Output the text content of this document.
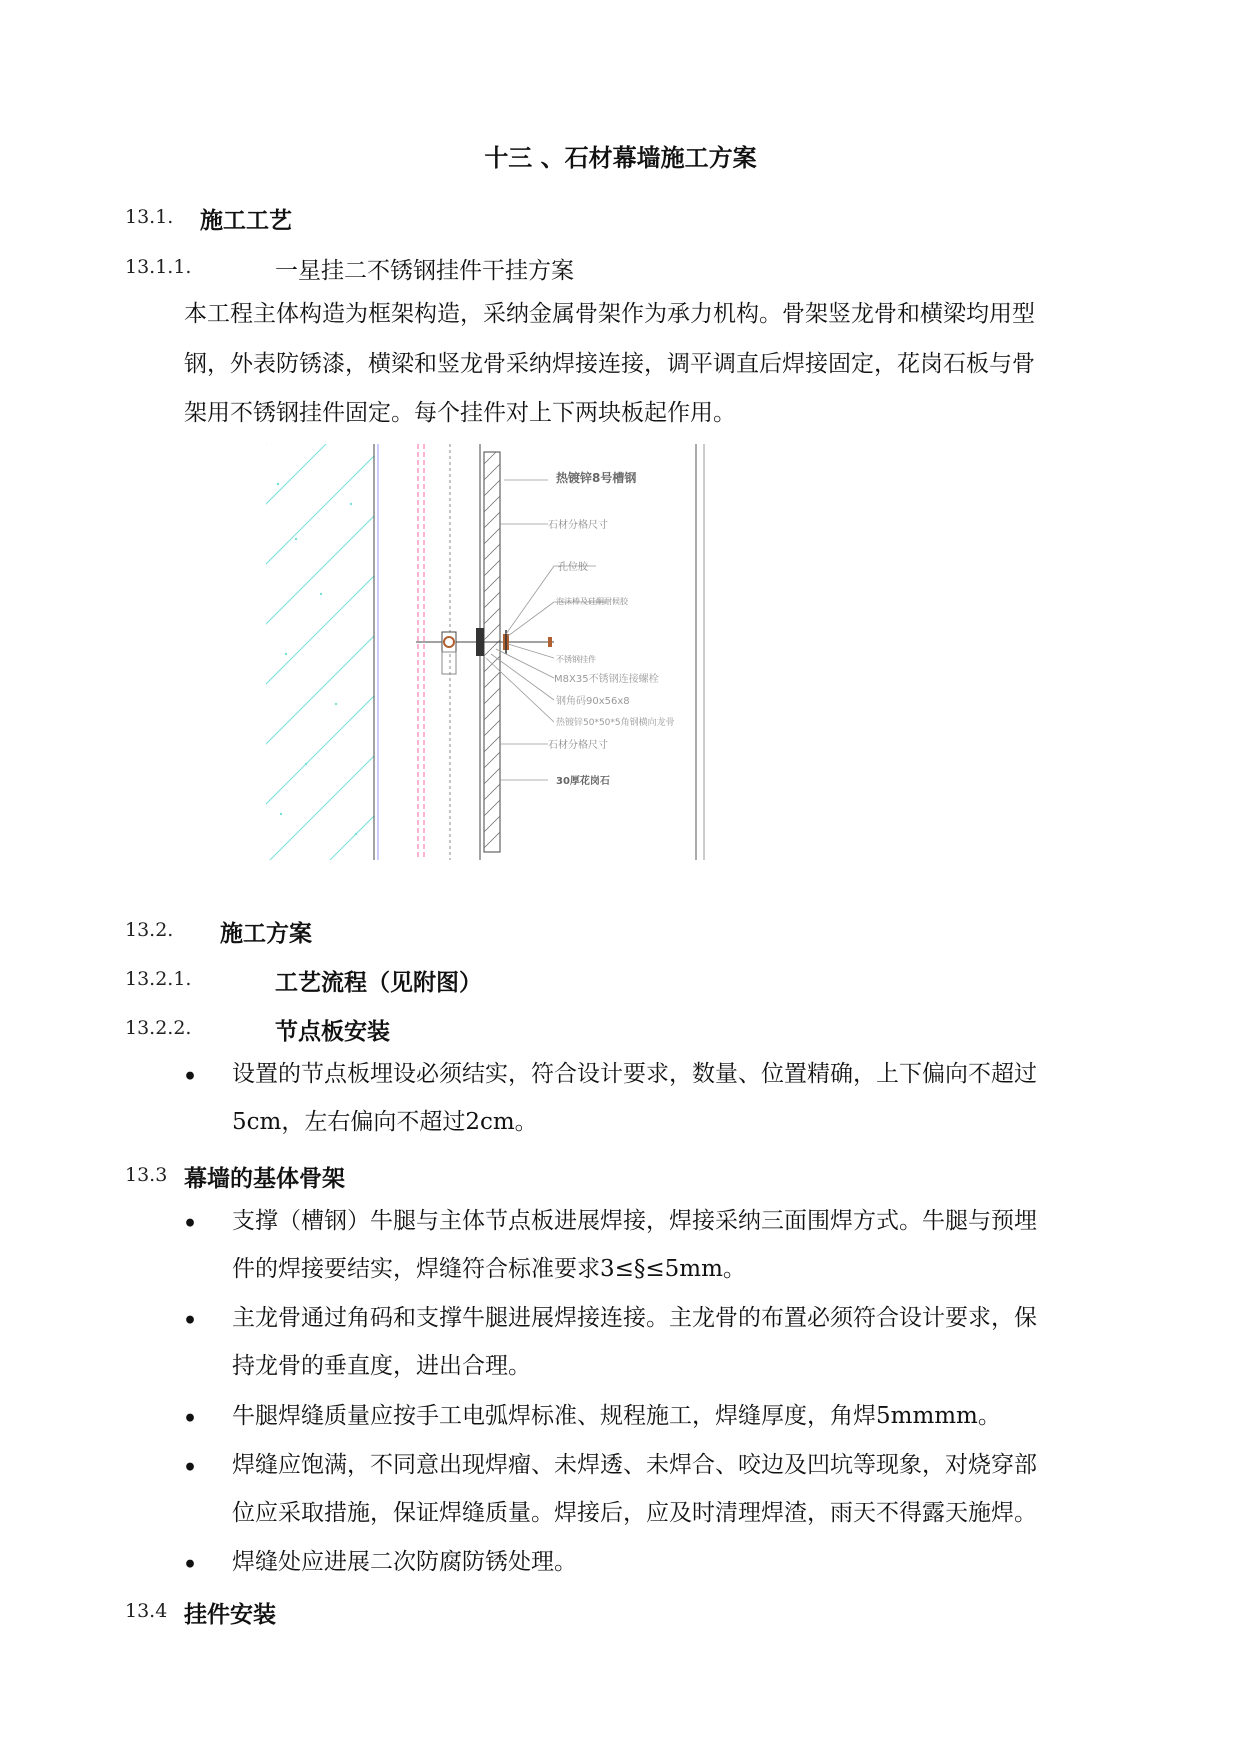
十三 、石材幕墙施工方案
13.1. 施工工艺
13.1.1.	一星挂二不锈钢挂件干挂方案
本工程主体构造为框架构造，采纳金属骨架作为承力机构。骨架竖龙骨和横梁均用型
钢，外表防锈漆，横梁和竖龙骨采纳焊接连接，调平调直后焊接固定，花岗石板与骨
架用不锈钢挂件固定。每个挂件对上下两块板起作用。
热镀锌8号槽钢
石材分格尺寸
孔位胶
泡沫棒及硅酮耐候胶
不锈钢挂件
M8X35不锈钢连接螺栓
钢角码90x56x8
热镀锌50*50*5角钢横向龙骨
石材分格尺寸
30厚花岗石
13.2. 施工方案
13.2.1.	工艺流程（见附图）
13.2.2.	节点板安装
• 设置的节点板埋设必须结实，符合设计要求，数量、位置精确，上下偏向不超过
5cm，左右偏向不超过2cm。
13.3 幕墙的基体骨架
• 支撑（槽钢）牛腿与主体节点板进展焊接，焊接采纳三面围焊方式。牛腿与预埋
件的焊接要结实，焊缝符合标准要求3≤§≤5mm。
• 主龙骨通过角码和支撑牛腿进展焊接连接。主龙骨的布置必须符合设计要求，保
持龙骨的垂直度，进出合理。
• 牛腿焊缝质量应按手工电弧焊标准、规程施工，焊缝厚度，角焊5mmmm。
• 焊缝应饱满，不同意出现焊瘤、未焊透、未焊合、咬边及凹坑等现象，对烧穿部
位应采取措施，保证焊缝质量。焊接后，应及时清理焊渣，雨天不得露天施焊。
• 焊缝处应进展二次防腐防锈处理。
13.4 挂件安装
